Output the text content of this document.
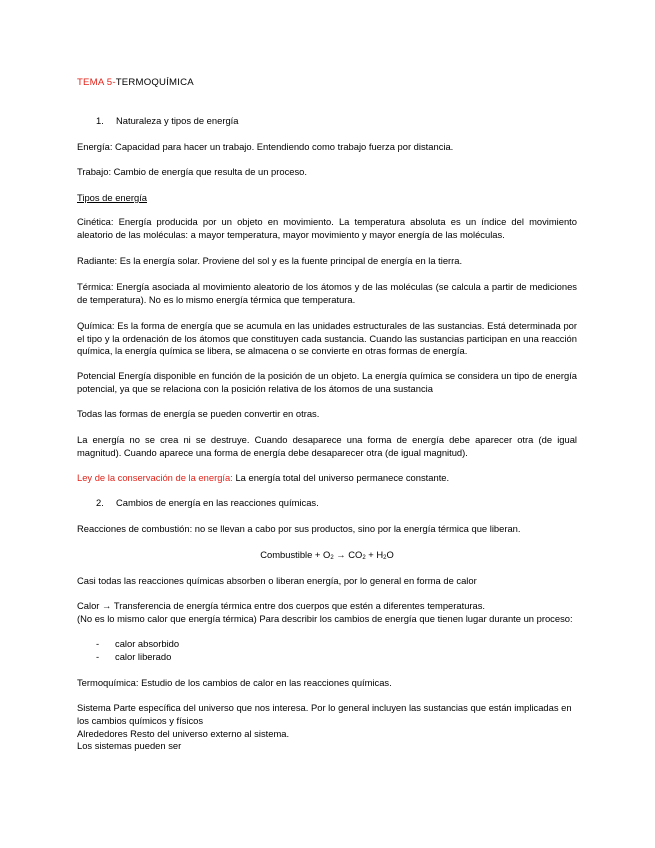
TEMA 5-TERMOQUÍMICA
1. Naturaleza y tipos de energía
Energía: Capacidad para hacer un trabajo. Entendiendo como trabajo fuerza por distancia.
Trabajo: Cambio de energía que resulta de un proceso.
Tipos de energía
Cinética: Energía producida por un objeto en movimiento. La temperatura absoluta es un índice del movimiento aleatorio de las moléculas: a mayor temperatura, mayor movimiento y mayor energía de las moléculas.
Radiante: Es la energía solar. Proviene del sol y es la fuente principal de energía en la tierra.
Térmica: Energía asociada al movimiento aleatorio de los átomos y de las moléculas (se calcula a partir de mediciones de temperatura). No es lo mismo energía térmica que temperatura.
Química: Es la forma de energía que se acumula en las unidades estructurales de las sustancias. Está determinada por el tipo y la ordenación de los átomos que constituyen cada sustancia. Cuando las sustancias participan en una reacción química, la energía química se libera, se almacena o se convierte en otras formas de energía.
Potencial Energía disponible en función de la posición de un objeto. La energía química se considera un tipo de energía potencial, ya que se relaciona con la posición relativa de los átomos de una sustancia
Todas las formas de energía se pueden convertir en otras.
La energía no se crea ni se destruye. Cuando desaparece una forma de energía debe aparecer otra (de igual magnitud). Cuando aparece una forma de energía debe desaparecer otra (de igual magnitud).
Ley de la conservación de la energía: La energía total del universo permanece constante.
2. Cambios de energía en las reacciones químicas.
Reacciones de combustión: no se llevan a cabo por sus productos, sino por la energía térmica que liberan.
Combustible + $O_2 \to CO_2 + H_2O$
Casi todas las reacciones químicas absorben o liberan energía, por lo general en forma de calor
Calor → Transferencia de energía térmica entre dos cuerpos que estén a diferentes temperaturas.
(No es lo mismo calor que energía térmica) Para describir los cambios de energía que tienen lugar durante un proceso:
- calor absorbido
- calor liberado
Termoquímica: Estudio de los cambios de calor en las reacciones químicas.
Sistema Parte específica del universo que nos interesa. Por lo general incluyen las sustancias que están implicadas en los cambios químicos y físicos
Alrededores Resto del universo externo al sistema.
Los sistemas pueden ser
